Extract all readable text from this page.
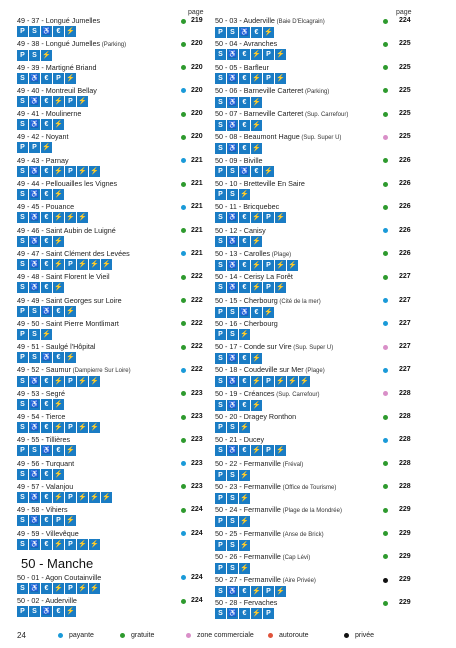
page	page
49 - 37 - Longué Jumelles	219
P	S ♿ € ⚡
49 - 38 - Longué Jumelles (Parking)	220
P	S ⚡
49 - 39 - Martigné Briand	220
S ♿ €	P ⚡
49 - 40 - Montreuil Bellay	220
S ♿ € ⚡ P ⚡
49 - 41 - Moulinerne	220
S ♿ € ⚡
49 - 42 - Noyant	220
P	P ⚡
49 - 43 - Parnay	221
S ♿ € ⚡ P ⚡ ⚡
49 - 44 - Pellouailles les Vignes	221
S ♿ € ⚡
49 - 45 - Pouance	221
S ♿ € ⚡ ⚡ ⚡
49 - 46 - Saint Aubin de Luigné	221
S ♿ € ⚡
49 - 47 - Saint Clément des Levées	221
S ♿ € ⚡ P ⚡ ⚡ ⚡
49 - 48 - Saint Florent le Vieil	222
S ♿ € ⚡
49 - 49 - Saint Georges sur Loire	222
P	S ♿ € ⚡
49 - 50 - Saint Pierre Montlimart	222
P	S ⚡
49 - 51 - Saulgé l'Hôpital	222
P	S ♿ € ⚡
49 - 52 - Saumur (Dampierre Sur Loire)	222
S ♿ € ⚡ P ⚡ ⚡
49 - 53 - Segré	223
S ♿ € ⚡
49 - 54 - Tierce	223
S ♿ € ⚡ P ⚡ ⚡
49 - 55 - Tillières	223
P	S ♿ € ⚡
49 - 56 - Turquant	223
S ♿ € ⚡
49 - 57 - Valanjou	223
S ♿ € ⚡ P ⚡ ⚡ ⚡
49 - 58 - Vihiers	224
S ♿ €	P ⚡
49 - 59 - Villevêque	224
S ♿ € ⚡ P ⚡ ⚡
50 - Manche
50 - 01 - Agon Coutainville	224
S ♿ € ⚡ P ⚡ ⚡
50 - 02 - Auderville	224
P	S ♿ € ⚡
50 - 03 - Auderville (Baie D'Elcagrain)	224
P	S ♿ € ⚡
50 - 04 - Avranches	225
S ♿ € ⚡ P ⚡
50 - 05 - Barfleur	225
S ♿ € ⚡ P ⚡
50 - 06 - Barneville Carteret (Parking)	225
S ♿ € ⚡
50 - 07 - Barneville Carteret (Sup. Carrefour)	225
S ♿ € ⚡
50 - 08 - Beaumont Hague (Sup. Super U)	225
S ♿ € ⚡
50 - 09 - Biville	226
P	S ♿ € ⚡
50 - 10 - Bretteville En Saire	226
P	S ⚡
50 - 11 - Bricquebec	226
S ♿ € ⚡ P ⚡
50 - 12 - Canisy	226
S ♿ € ⚡
50 - 13 - Carolles (Plage)	226
S ♿ € ⚡ P ⚡ ⚡
50 - 14 - Cerisy La Forêt	227
S ♿ € ⚡ P ⚡
50 - 15 - Cherbourg (Cité de la mer)	227
P	S ♿ € ⚡
50 - 16 - Cherbourg	227
P	S ⚡
50 - 17 - Conde sur Vire (Sup. Super U)	227
S ♿ € ⚡
50 - 18 - Coudeville sur Mer (Plage)	227
S ♿ € ⚡ P ⚡ ⚡ ⚡
50 - 19 - Créances (Sup. Carrefour)	228
S ♿ € ⚡
50 - 20 - Dragey Ronthon	228
P	S ⚡
50 - 21 - Ducey	228
S ♿ € ⚡ P ⚡
50 - 22 - Fermanville (Fréval)	228
P	S ⚡
50 - 23 - Fermanville (Office de Tourisme)	228
P	S ⚡
50 - 24 - Fermanville (Plage de la Mondrée)	229
P	S ⚡
50 - 25 - Fermanville (Anse de Brick)	229
P	S ⚡
50 - 26 - Fermanville (Cap Lévi)	229
P	S ⚡
50 - 27 - Fermanville (Aire Privée)	229
S ♿ € ⚡ P ⚡
50 - 28 - Fervaches	229
S ♿ € ⚡ P
24	payante	gratuite	zone commerciale	autoroute	privée
